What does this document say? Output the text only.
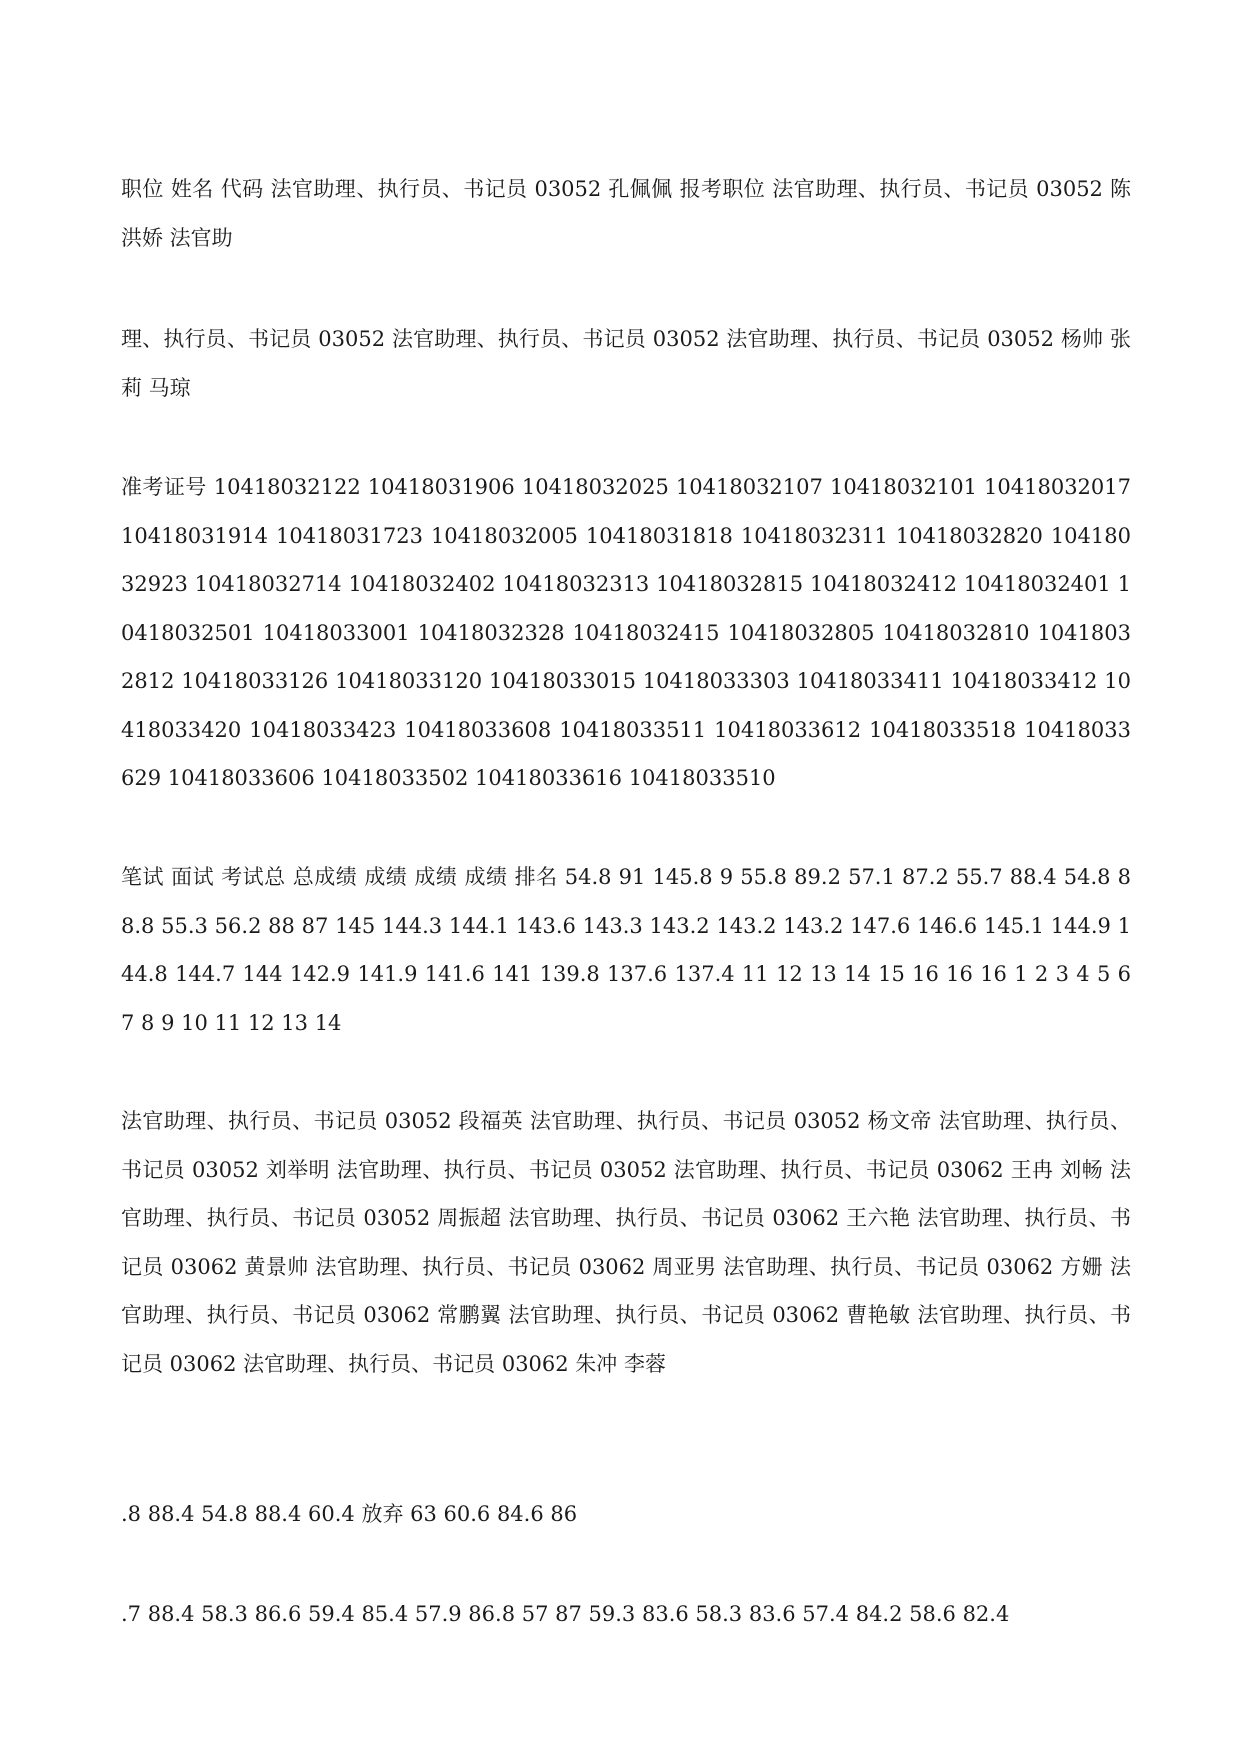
职位 姓名 代码 法官助理、执行员、书记员 03052 孔佩佩 报考职位 法官助理、执行员、书记员 03052 陈洪娇 法官助

理、执行员、书记员 03052 法官助理、执行员、书记员 03052 法官助理、执行员、书记员 03052 杨帅 张莉 马琼

准考证号 10418032122 10418031906 10418032025 10418032107 10418032101 10418032017 10418031914 10418031723 10418032005 10418031818 10418032311 10418032820 10418032923 10418032714 10418032402 10418032313 10418032815 10418032412 10418032401 10418032501 10418033001 10418032328 10418032415 10418032805 10418032810 10418032812 10418033126 10418033120 10418033015 10418033303 10418033411 10418033412 10418033420 10418033423 10418033608 10418033511 10418033612 10418033518 10418033629 10418033606 10418033502 10418033616 10418033510

笔试 面试 考试总 总成绩 成绩 成绩 成绩 排名 54.8 91 145.8 9 55.8 89.2 57.1 87.2 55.7 88.4 54.8 88.8 55.3 56.2 88 87 145 144.3 144.1 143.6 143.3 143.2 143.2 143.2 147.6 146.6 145.1 144.9 144.8 144.7 144 142.9 141.9 141.6 141 139.8 137.6 137.4 11 12 13 14 15 16 16 16 1 2 3 4 5 6 7 8 9 10 11 12 13 14

法官助理、执行员、书记员 03052 段福英 法官助理、执行员、书记员 03052 杨文帝 法官助理、执行员、书记员 03052 刘举明 法官助理、执行员、书记员 03052 法官助理、执行员、书记员 03062 王冉 刘畅 法官助理、执行员、书记员 03052 周振超 法官助理、执行员、书记员 03062 王六艳 法官助理、执行员、书记员 03062 黄景帅 法官助理、执行员、书记员 03062 周亚男 法官助理、执行员、书记员 03062 方姗 法官助理、执行员、书记员 03062 常鹏翼 法官助理、执行员、书记员 03062 曹艳敏 法官助理、执行员、书记员 03062 法官助理、执行员、书记员 03062 朱冲 李蓉

.8 88.4 54.8 88.4 60.4 放弃 63 60.6 84.6 86

.7 88.4 58.3 86.6 59.4 85.4 57.9 86.8 57 87 59.3 83.6 58.3 83.6 57.4 84.2 58.6 82.4
